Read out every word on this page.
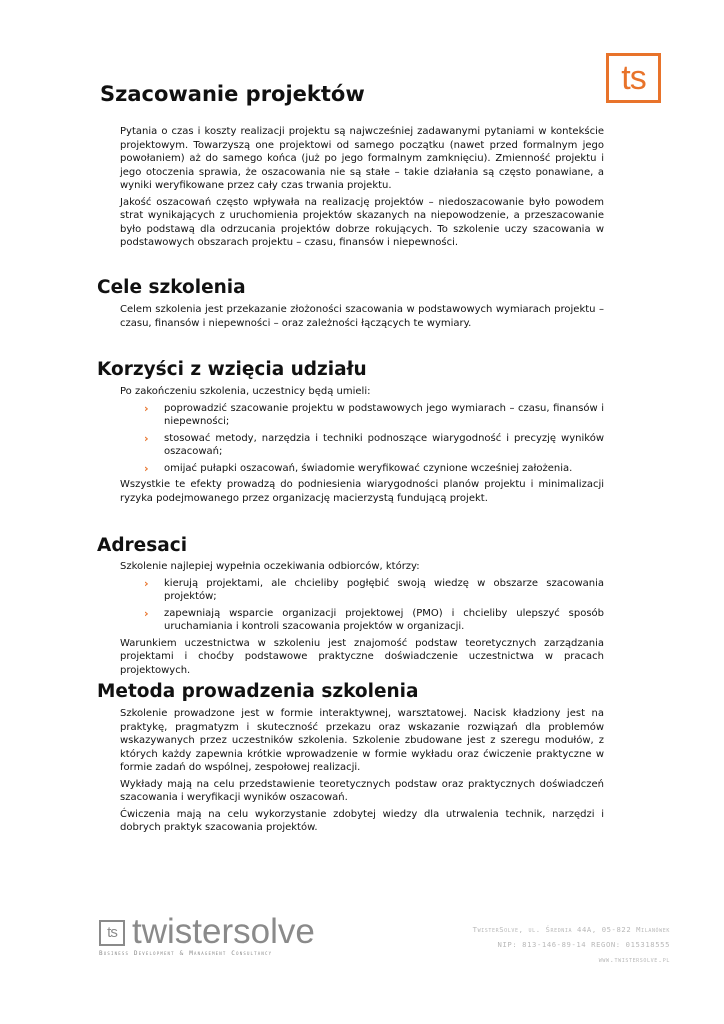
ts
Szacowanie projektów

Pytania o czas i koszty realizacji projektu są najwcześniej zadawanymi pytaniami w kontekście projektowym. Towarzyszą one projektowi od samego początku (nawet przed formalnym jego powołaniem) aż do samego końca (już po jego formalnym zamknięciu). Zmienność projektu i jego otoczenia sprawia, że oszacowania nie są stałe – takie działania są często ponawiane, a wyniki weryfikowane przez cały czas trwania projektu.

Jakość oszacowań często wpływała na realizację projektów – niedoszacowanie było powodem strat wynikających z uruchomienia projektów skazanych na niepowodzenie, a przeszacowanie było podstawą dla odrzucania projektów dobrze rokujących. To szkolenie uczy szacowania w podstawowych obszarach projektu – czasu, finansów i niepewności.

Cele szkolenia

Celem szkolenia jest przekazanie złożoności szacowania w podstawowych wymiarach projektu – czasu, finansów i niepewności – oraz zależności łączących te wymiary.

Korzyści z wzięcia udziału

Po zakończeniu szkolenia, uczestnicy będą umieli:

› poprowadzić szacowanie projektu w podstawowych jego wymiarach – czasu, finansów i niepewności;
› stosować metody, narzędzia i techniki podnoszące wiarygodność i precyzję wyników oszacowań;
› omijać pułapki oszacowań, świadomie weryfikować czynione wcześniej założenia.

Wszystkie te efekty prowadzą do podniesienia wiarygodności planów projektu i minimalizacji ryzyka podejmowanego przez organizację macierzystą fundującą projekt.

Adresaci

Szkolenie najlepiej wypełnia oczekiwania odbiorców, którzy:

› kierują projektami, ale chcieliby pogłębić swoją wiedzę w obszarze szacowania projektów;
› zapewniają wsparcie organizacji projektowej (PMO) i chcieliby ulepszyć sposób uruchamiania i kontroli szacowania projektów w organizacji.

Warunkiem uczestnictwa w szkoleniu jest znajomość podstaw teoretycznych zarządzania projektami i choćby podstawowe praktyczne doświadczenie uczestnictwa w pracach projektowych.

Metoda prowadzenia szkolenia

Szkolenie prowadzone jest w formie interaktywnej, warsztatowej. Nacisk kładziony jest na praktykę, pragmatyzm i skuteczność przekazu oraz wskazanie rozwiązań dla problemów wskazywanych przez uczestników szkolenia. Szkolenie zbudowane jest z szeregu modułów, z których każdy zapewnia krótkie wprowadzenie w formie wykładu oraz ćwiczenie praktyczne w formie zadań do wspólnej, zespołowej realizacji.

Wykłady mają na celu przedstawienie teoretycznych podstaw oraz praktycznych doświadczeń szacowania i weryfikacji wyników oszacowań.

Ćwiczenia mają na celu wykorzystanie zdobytej wiedzy dla utrwalenia technik, narzędzi i dobrych praktyk szacowania projektów.

ts twistersolve
Business Development & Management Consultancy
TwisterSolve, ul. Średnia 44A, 05-822 Milanówek
NIP: 813-146-89-14 REGON: 015318555
www.twistersolve.pl
